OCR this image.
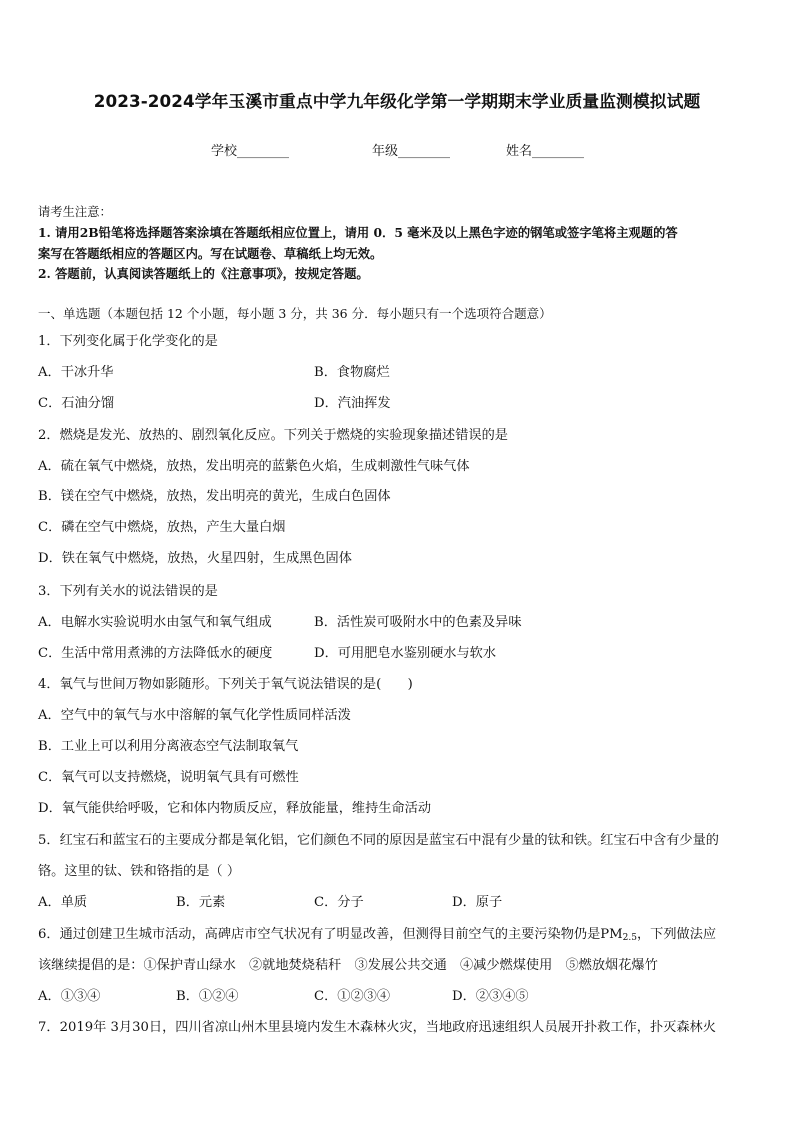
2023-2024学年玉溪市重点中学九年级化学第一学期期末学业质量监测模拟试题
学校________	年级________	姓名________
请考生注意：
1. 请用2B铅笔将选择题答案涂填在答题纸相应位置上，请用 0．5 毫米及以上黑色字迹的钢笔或签字笔将主观题的答
案写在答题纸相应的答题区内。写在试题卷、草稿纸上均无效。
2. 答题前，认真阅读答题纸上的《注意事项》，按规定答题。
一、单选题（本题包括 12 个小题，每小题 3 分，共 36 分．每小题只有一个选项符合题意）
1．下列变化属于化学变化的是
A．干冰升华	B．食物腐烂
C．石油分馏	D．汽油挥发
2．燃烧是发光、放热的、剧烈氧化反应。下列关于燃烧的实验现象描述错误的是
A．硫在氧气中燃烧，放热，发出明亮的蓝紫色火焰，生成刺激性气味气体
B．镁在空气中燃烧，放热，发出明亮的黄光，生成白色固体
C．磷在空气中燃烧，放热，产生大量白烟
D．铁在氧气中燃烧，放热，火星四射，生成黑色固体
3．下列有关水的说法错误的是
A．电解水实验说明水由氢气和氧气组成	B．活性炭可吸附水中的色素及异味
C．生活中常用煮沸的方法降低水的硬度	D．可用肥皂水鉴别硬水与软水
4．氧气与世间万物如影随形。下列关于氧气说法错误的是(　　)
A．空气中的氧气与水中溶解的氧气化学性质同样活泼
B．工业上可以利用分离液态空气法制取氧气
C．氧气可以支持燃烧，说明氧气具有可燃性
D．氧气能供给呼吸，它和体内物质反应，释放能量，维持生命活动
5．红宝石和蓝宝石的主要成分都是氧化铝，它们颜色不同的原因是蓝宝石中混有少量的钛和铁。红宝石中含有少量的
铬。这里的钛、铁和铬指的是（ ）
A．单质	B．元素	C．分子	D．原子
6．通过创建卫生城市活动，高碑店市空气状况有了明显改善，但测得目前空气的主要污染物仍是$PM_{2.5}$，下列做法应
该继续提倡的是：①保护青山绿水　②就地焚烧秸秆　③发展公共交通　④减少燃煤使用　⑤燃放烟花爆竹
A．①③④	B．①②④	C．①②③④	D．②③④⑤
7．2019年 3月30日，四川省凉山州木里县境内发生木森林火灾，当地政府迅速组织人员展开扑救工作，扑灭森林火
